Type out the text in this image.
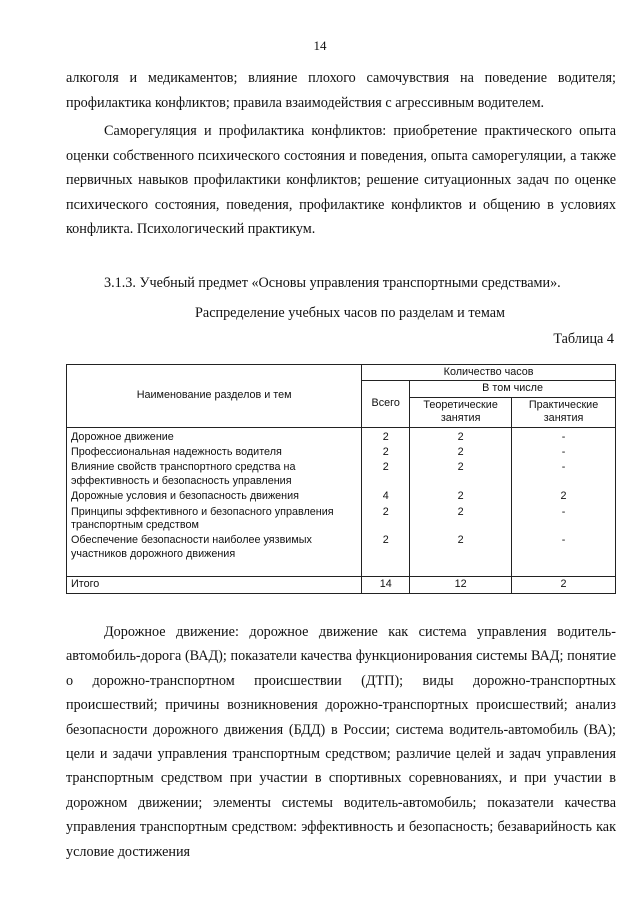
14

алкоголя и медикаментов; влияние плохого самочувствия на поведение водителя; профилактика конфликтов; правила взаимодействия с агрессивным водителем.

Саморегуляция и профилактика конфликтов: приобретение практического опыта оценки собственного психического состояния и поведения, опыта саморегуляции, а также первичных навыков профилактики конфликтов; решение ситуационных задач по оценке психического состояния, поведения, профилактике конфликтов и общению в условиях конфликта. Психологический практикум.

3.1.3. Учебный предмет «Основы управления транспортными средствами».
Распределение учебных часов по разделам и темам
Таблица 4
Наименование разделов и тем	Количество часов		
	Всего	В том числе	
		Теоретические занятия	Практические занятия
Дорожное движение	2	2	-
Профессиональная надежность водителя	2	2	-
Влияние свойств транспортного средства на эффективность и безопасность управления	2	2	-
Дорожные условия и безопасность движения	4	2	2
Принципы эффективного и безопасного управления транспортным средством	2	2	-
Обеспечение безопасности наиболее уязвимых участников дорожного движения	2	2	-

Итого	14	12	2

Дорожное движение: дорожное движение как система управления водитель-автомобиль-дорога (ВАД); показатели качества функционирования системы ВАД; понятие о дорожно-транспортном происшествии (ДТП); виды дорожно-транспортных происшествий; причины возникновения дорожно-транспортных происшествий; анализ безопасности дорожного движения (БДД) в России; система водитель-автомобиль (ВА); цели и задачи управления транспортным средством; различие целей и задач управления транспортным средством при участии в спортивных соревнованиях, и при участии в дорожном движении; элементы системы водитель-автомобиль; показатели качества управления транспортным средством: эффективность и безопасность; безаварийность как условие достижения
